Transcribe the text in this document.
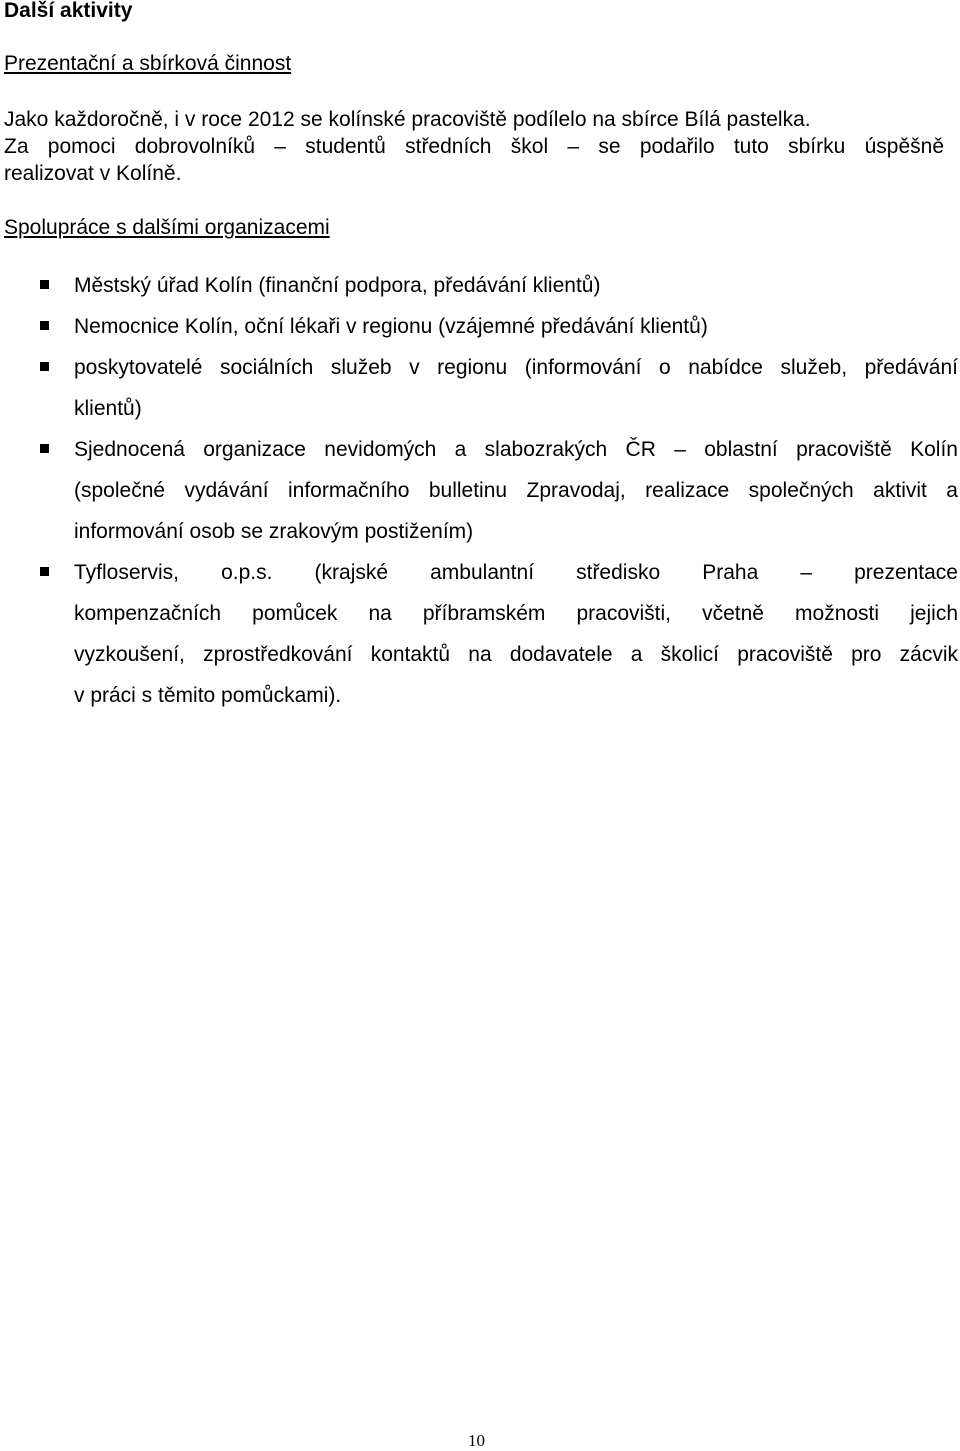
Další aktivity
Prezentační a sbírková činnost

Jako každoročně, i v roce 2012 se kolínské pracoviště podílelo na sbírce Bílá pastelka.
Za pomoci dobrovolníků – studentů středních škol – se podařilo tuto sbírku úspěšně
realizovat v Kolíně.

Spolupráce s dalšími organizacemi
Městský úřad Kolín (finanční podpora, předávání klientů)
Nemocnice Kolín, oční lékaři v regionu (vzájemné předávání klientů)
poskytovatelé sociálních služeb v regionu (informování o nabídce služeb, předávání
klientů)
Sjednocená organizace nevidomých a slabozrakých ČR – oblastní pracoviště Kolín
(společné vydávání informačního bulletinu Zpravodaj, realizace společných aktivit a
informování osob se zrakovým postižením)
Tyfloservis, o.p.s. (krajské ambulantní středisko Praha – prezentace
kompenzačních pomůcek na příbramském pracovišti, včetně možnosti jejich
vyzkoušení, zprostředkování kontaktů na dodavatele a školicí pracoviště pro zácvik
v práci s těmito pomůckami).
10
